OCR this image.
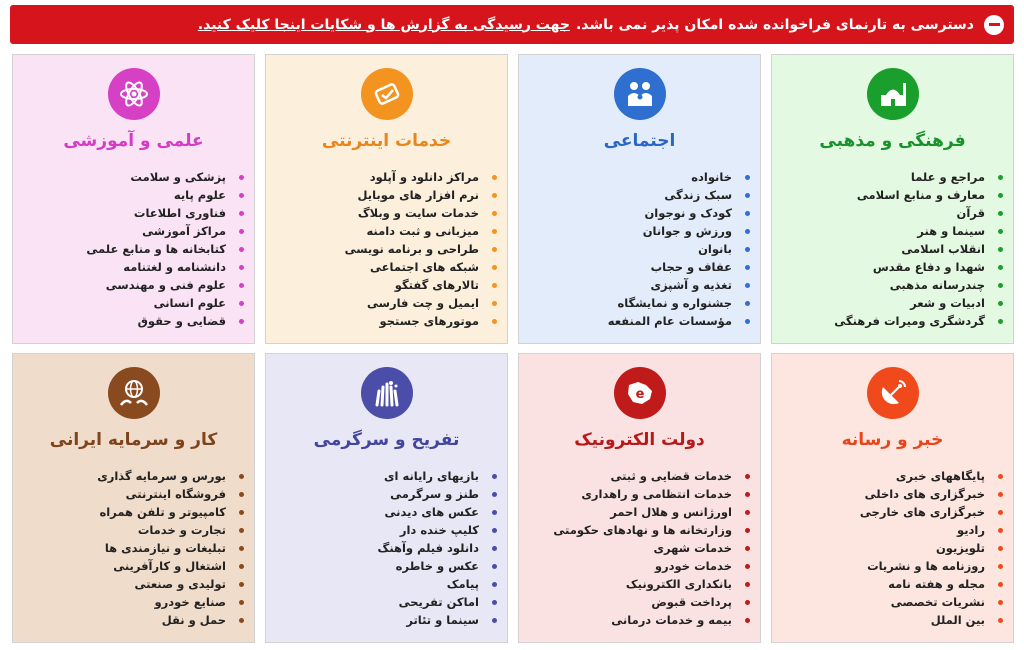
دسترسی به تارنمای فراخوانده شده امکان پذیر نمی باشد.
جهت رسیدگی به گزارش ها و شکایات اینجا کلیک کنید.
فرهنگی و مذهبی
مراجع و علما
معارف و منابع اسلامی
قرآن
سینما و هنر
انقلاب اسلامی
شهدا و دفاع مقدس
چندرسانه مذهبی
ادبیات و شعر
گردشگری ومیرات فرهنگی
اجتماعی
خانواده
سبک زندگی
کودک و نوجوان
ورزش و جوانان
بانوان
عفاف و حجاب
تغذیه و آشپزی
جشنواره و نمایشگاه
مؤسسات عام المنفعه
خدمات اینترنتی
مراکز دانلود و آپلود
نرم افزار های موبایل
خدمات سایت و وبلاگ
میزبانی و ثبت دامنه
طراحی و برنامه نویسی
شبکه های اجتماعی
تالارهای گفتگو
ایمیل و چت فارسی
موتورهای جستجو
علمی و آموزشی
پزشکی و سلامت
علوم پایه
فناوری اطلاعات
مراکز آموزشی
کتابخانه ها و منابع علمی
دانشنامه و لغتنامه
علوم فنی و مهندسی
علوم انسانی
قضایی و حقوق
خبر و رسانه
پایگاههای خبری
خبرگزاری های داخلی
خبرگزاری های خارجی
رادیو
تلویزیون
روزنامه ها و نشریات
مجله و هفته نامه
نشریات تخصصی
بین الملل
e
دولت الکترونیک
خدمات قضایی و ثبتی
خدمات انتظامی و راهداری
اورژانس و هلال احمر
وزارتخانه ها و نهادهای حکومتی
خدمات شهری
خدمات خودرو
بانکداری الکترونیک
پرداخت قبوض
بیمه و خدمات درمانی
تفریح و سرگرمی
بازیهای رایانه ای
طنز و سرگرمی
عکس های دیدنی
کلیپ خنده دار
دانلود فیلم وآهنگ
عکس و خاطره
پیامک
اماکن تفریحی
سینما و تئاتر
کار و سرمایه ایرانی
بورس و سرمایه گذاری
فروشگاه اینترنتی
کامپیوتر و تلفن همراه
تجارت و خدمات
تبلیغات و نیازمندی ها
اشتغال و کارآفرینی
تولیدی و صنعتی
صنایع خودرو
حمل و نقل
